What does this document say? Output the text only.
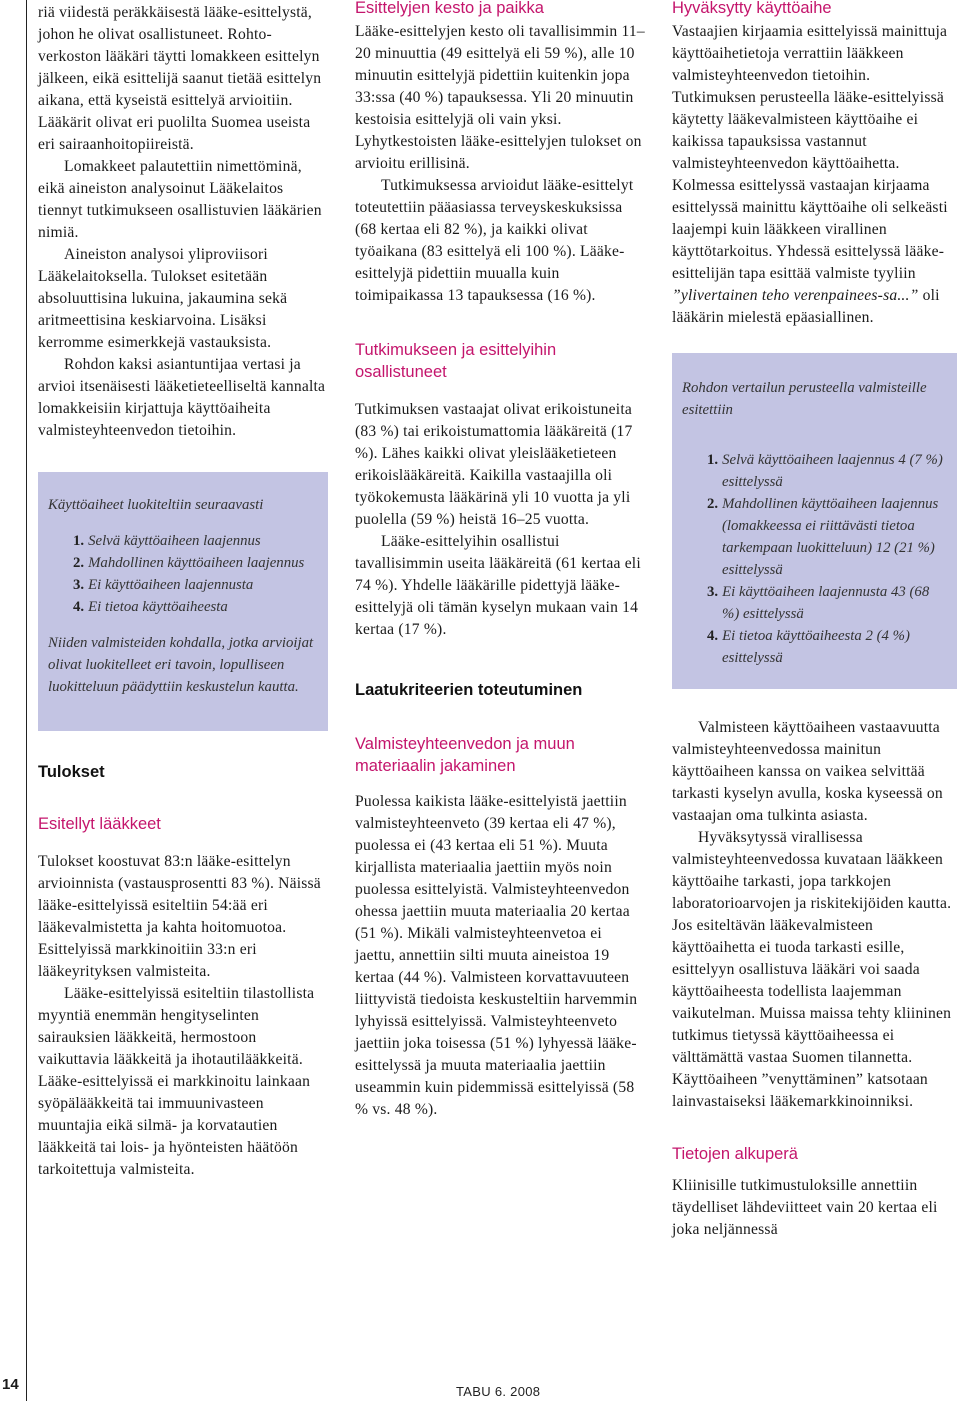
14	TABU 6. 2008

riä viidestä peräkkäisestä lääke-esittelystä, johon he olivat osallistuneet. Rohto-verkoston lääkäri täytti lomakkeen esittelyn jälkeen, eikä esittelijä saanut tietää esittelyn aikana, että kyseistä esittelyä arvioitiin. Lääkärit olivat eri puolilta Suomea useista eri sairaanhoitopiireistä.

Lomakkeet palautettiin nimettöminä, eikä aineiston analysoinut Lääkelaitos tiennyt tutkimukseen osallistuvien lääkärien nimiä.

Aineiston analysoi yliproviisori Lääkelaitoksella. Tulokset esitetään absoluuttisina lukuina, jakaumina sekä aritmeettisina keskiarvoina. Lisäksi kerromme esimerkkejä vastauksista.

Rohdon kaksi asiantuntijaa vertasi ja arvioi itsenäisesti lääketieteelliseltä kannalta lomakkeisiin kirjattuja käyttöaiheita valmisteyhteenvedon tietoihin.

Käyttöaiheet luokiteltiin seuraavasti

1. Selvä käyttöaiheen laajennus
2. Mahdollinen käyttöaiheen laajennus
3. Ei käyttöaiheen laajennusta
4. Ei tietoa käyttöaiheesta

Niiden valmisteiden kohdalla, jotka arvioijat olivat luokitelleet eri tavoin, lopulliseen luokitteluun päädyttiin keskustelun kautta.

Tulokset

Esitellyt lääkkeet

Tulokset koostuvat 83:n lääke-esittelyn arvioinnista (vastausprosentti 83 %). Näissä lääke-esittelyissä esiteltiin 54:ää eri lääkevalmistetta ja kahta hoitomuotoa. Esittelyissä markkinoitiin 33:n eri lääkeyrityksen valmisteita.

Lääke-esittelyissä esiteltiin tilastollista myyntiä enemmän hengityselinten sairauksien lääkkeitä, hermostoon vaikuttavia lääkkeitä ja ihotautilääkkeitä. Lääke-esittelyissä ei markkinoitu lainkaan syöpälääkkeitä tai immuunivasteen muuntajia eikä silmä- ja korvatautien lääkkeitä tai lois- ja hyönteisten häätöön tarkoitettuja valmisteita.

Esittelyjen kesto ja paikka

Lääke-esittelyjen kesto oli tavallisimmin 11–20 minuuttia (49 esittelyä eli 59 %), alle 10 minuutin esittelyjä pidettiin kuitenkin jopa 33:ssa (40 %) tapauksessa. Yli 20 minuutin kestoisia esittelyjä oli vain yksi. Lyhytkestoisten lääke-esittelyjen tulokset on arvioitu erillisinä.

Tutkimuksessa arvioidut lääke-esittelyt toteutettiin pääasiassa terveyskeskuksissa (68 kertaa eli 82 %), ja kaikki olivat työaikana (83 esittelyä eli 100 %). Lääke-esittelyjä pidettiin muualla kuin toimipaikassa 13 tapauksessa (16 %).

Tutkimukseen ja esittelyihin osallistuneet

Tutkimuksen vastaajat olivat erikoistuneita (83 %) tai erikoistumattomia lääkäreitä (17 %). Lähes kaikki olivat yleislääketieteen erikoislääkäreitä. Kaikilla vastaajilla oli työkokemusta lääkärinä yli 10 vuotta ja yli puolella (59 %) heistä 16–25 vuotta.

Lääke-esittelyihin osallistui tavallisimmin useita lääkäreitä (61 kertaa eli 74 %). Yhdelle lääkärille pidettyjä lääke-esittelyjä oli tämän kyselyn mukaan vain 14 kertaa (17 %).

Laatukriteerien toteutuminen

Valmisteyhteenvedon ja muun materiaalin jakaminen

Puolessa kaikista lääke-esittelyistä jaettiin valmisteyhteenveto (39 kertaa eli 47 %), puolessa ei (43 kertaa eli 51 %). Muuta kirjallista materiaalia jaettiin myös noin puolessa esittelyistä. Valmisteyhteenvedon ohessa jaettiin muuta materiaalia 20 kertaa (51 %). Mikäli valmisteyhteenvetoa ei jaettu, annettiin silti muuta aineistoa 19 kertaa (44 %). Valmisteen korvattavuuteen liittyvistä tiedoista keskusteltiin harvemmin lyhyissä esittelyissä. Valmisteyhteenveto jaettiin joka toisessa (51 %) lyhyessä lääke-esittelyssä ja muuta materiaalia jaettiin useammin kuin pidemmissä esittelyissä (58 % vs. 48 %).

Hyväksytty käyttöaihe

Vastaajien kirjaamia esittelyissä mainittuja käyttöaihetietoja verrattiin lääkkeen valmisteyhteenvedon tietoihin. Tutkimuksen perusteella lääke-esittelyissä käytetty lääkevalmisteen käyttöaihe ei kaikissa tapauksissa vastannut valmisteyhteenvedon käyttöaihetta. Kolmessa esittelyssä vastaajan kirjaama esittelyssä mainittu käyttöaihe oli selkeästi laajempi kuin lääkkeen virallinen käyttötarkoitus. Yhdessä esittelyssä lääke-esittelijän tapa esittää valmiste tyyliin ”ylivertainen teho verenpainees-sa...” oli lääkärin mielestä epäasiallinen.

Rohdon vertailun perusteella valmisteille esitettiin

1. Selvä käyttöaiheen laajennus 4 (7 %) esittelyssä
2. Mahdollinen käyttöaiheen laajennus (lomakkeessa ei riittävästi tietoa tarkempaan luokitteluun) 12 (21 %) esittelyssä
3. Ei käyttöaiheen laajennusta 43 (68 %) esittelyssä
4. Ei tietoa käyttöaiheesta 2 (4 %) esittelyssä

Valmisteen käyttöaiheen vastaavuutta valmisteyhteenvedossa mainitun käyttöaiheen kanssa on vaikea selvittää tarkasti kyselyn avulla, koska kyseessä on vastaajan oma tulkinta asiasta.

Hyväksytyssä virallisessa valmisteyhteenvedossa kuvataan lääkkeen käyttöaihe tarkasti, jopa tarkkojen laboratorioarvojen ja riskitekijöiden kautta. Jos esiteltävän lääkevalmisteen käyttöaihetta ei tuoda tarkasti esille, esittelyyn osallistuva lääkäri voi saada käyttöaiheesta todellista laajemman vaikutelman. Muissa maissa tehty kliininen tutkimus tietyssä käyttöaiheessa ei välttämättä vastaa Suomen tilannetta. Käyttöaiheen ”venyttäminen” katsotaan lainvastaiseksi lääkemarkkinoinniksi.

Tietojen alkuperä

Kliinisille tutkimustuloksille annettiin täydelliset lähdeviitteet vain 20 kertaa eli joka neljännessä
